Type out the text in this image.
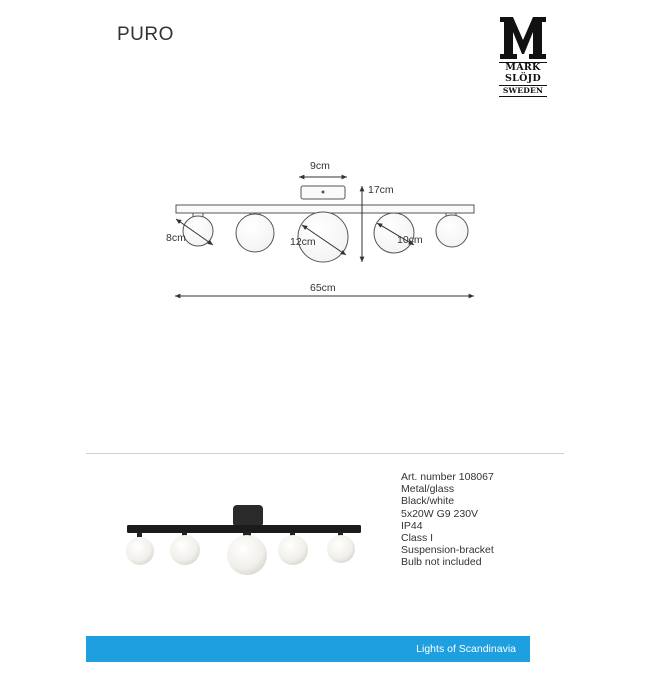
PURO
MARK
SLÖJD
SWEDEN
9cm
17cm
8cm	12cm	10cm
65cm
Art. number 108067
Metal/glass
Black/white
5x20W G9 230V
IP44
Class I
Suspension-bracket
Bulb not included
Lights of Scandinavia
